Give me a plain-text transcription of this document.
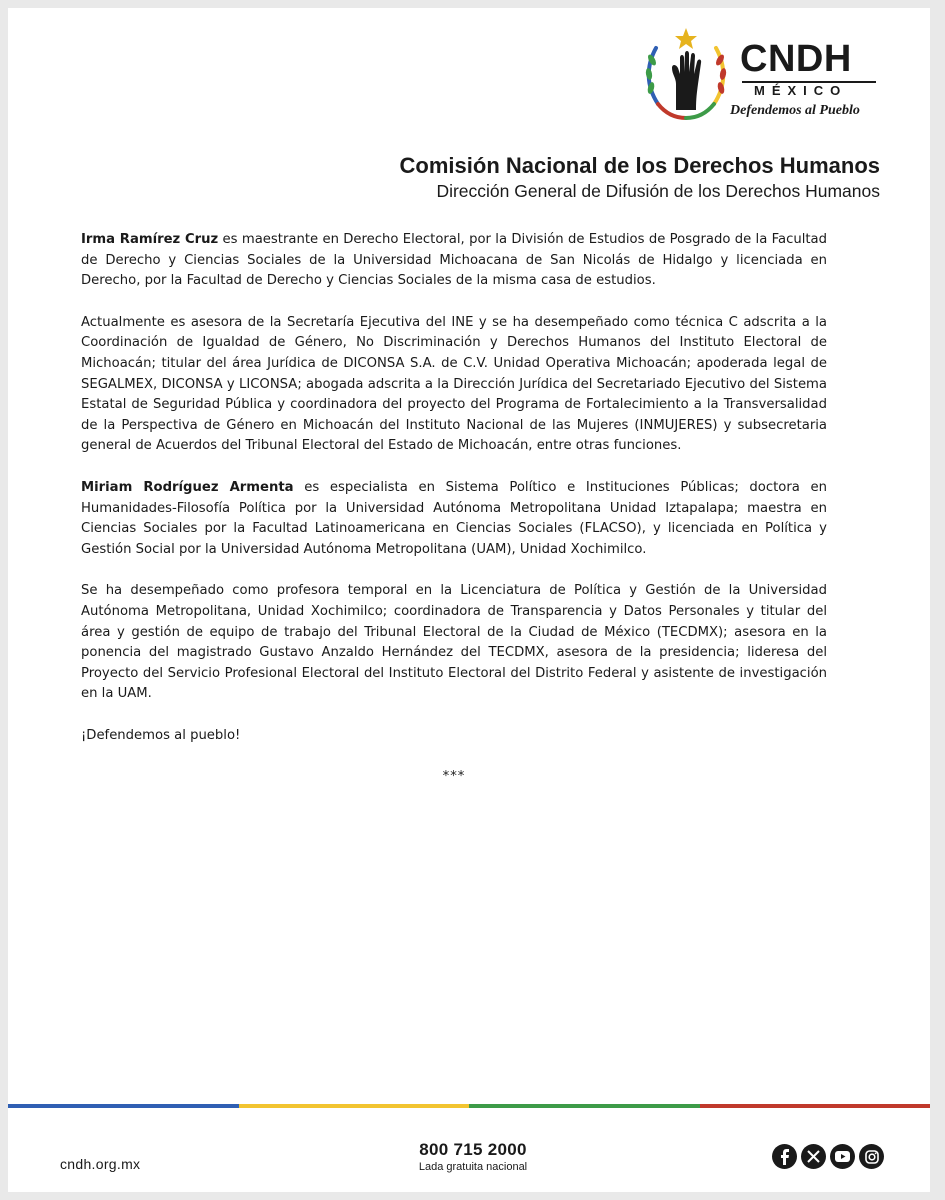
CNDH
MÉXICO
Defendemos al Pueblo

Comisión Nacional de los Derechos Humanos

Dirección General de Difusión de los Derechos Humanos

Irma Ramírez Cruz es maestrante en Derecho Electoral, por la División de Estudios de Posgrado de la Facultad de Derecho y Ciencias Sociales de la Universidad Michoacana de San Nicolás de Hidalgo y licenciada en Derecho, por la Facultad de Derecho y Ciencias Sociales de la misma casa de estudios.

Actualmente es asesora de la Secretaría Ejecutiva del INE y se ha desempeñado como técnica C adscrita a la Coordinación de Igualdad de Género, No Discriminación y Derechos Humanos del Instituto Electoral de Michoacán; titular del área Jurídica de DICONSA S.A. de C.V. Unidad Operativa Michoacán; apoderada legal de SEGALMEX, DICONSA y LICONSA; abogada adscrita a la Dirección Jurídica del Secretariado Ejecutivo del Sistema Estatal de Seguridad Pública y coordinadora del proyecto del Programa de Fortalecimiento a la Transversalidad de la Perspectiva de Género en Michoacán del Instituto Nacional de las Mujeres (INMUJERES) y subsecretaria general de Acuerdos del Tribunal Electoral del Estado de Michoacán, entre otras funciones.

Miriam Rodríguez Armenta es especialista en Sistema Político e Instituciones Públicas; doctora en Humanidades-Filosofía Política por la Universidad Autónoma Metropolitana Unidad Iztapalapa; maestra en Ciencias Sociales por la Facultad Latinoamericana en Ciencias Sociales (FLACSO), y licenciada en Política y Gestión Social por la Universidad Autónoma Metropolitana (UAM), Unidad Xochimilco.

Se ha desempeñado como profesora temporal en la Licenciatura de Política y Gestión de la Universidad Autónoma Metropolitana, Unidad Xochimilco; coordinadora de Transparencia y Datos Personales y titular del área y gestión de equipo de trabajo del Tribunal Electoral de la Ciudad de México (TECDMX); asesora en la ponencia del magistrado Gustavo Anzaldo Hernández del TECDMX, asesora de la presidencia; lideresa del Proyecto del Servicio Profesional Electoral del Instituto Electoral del Distrito Federal y asistente de investigación en la UAM.

¡Defendemos al pueblo!

***
cndh.org.mx
800 715 2000
Lada gratuita nacional
